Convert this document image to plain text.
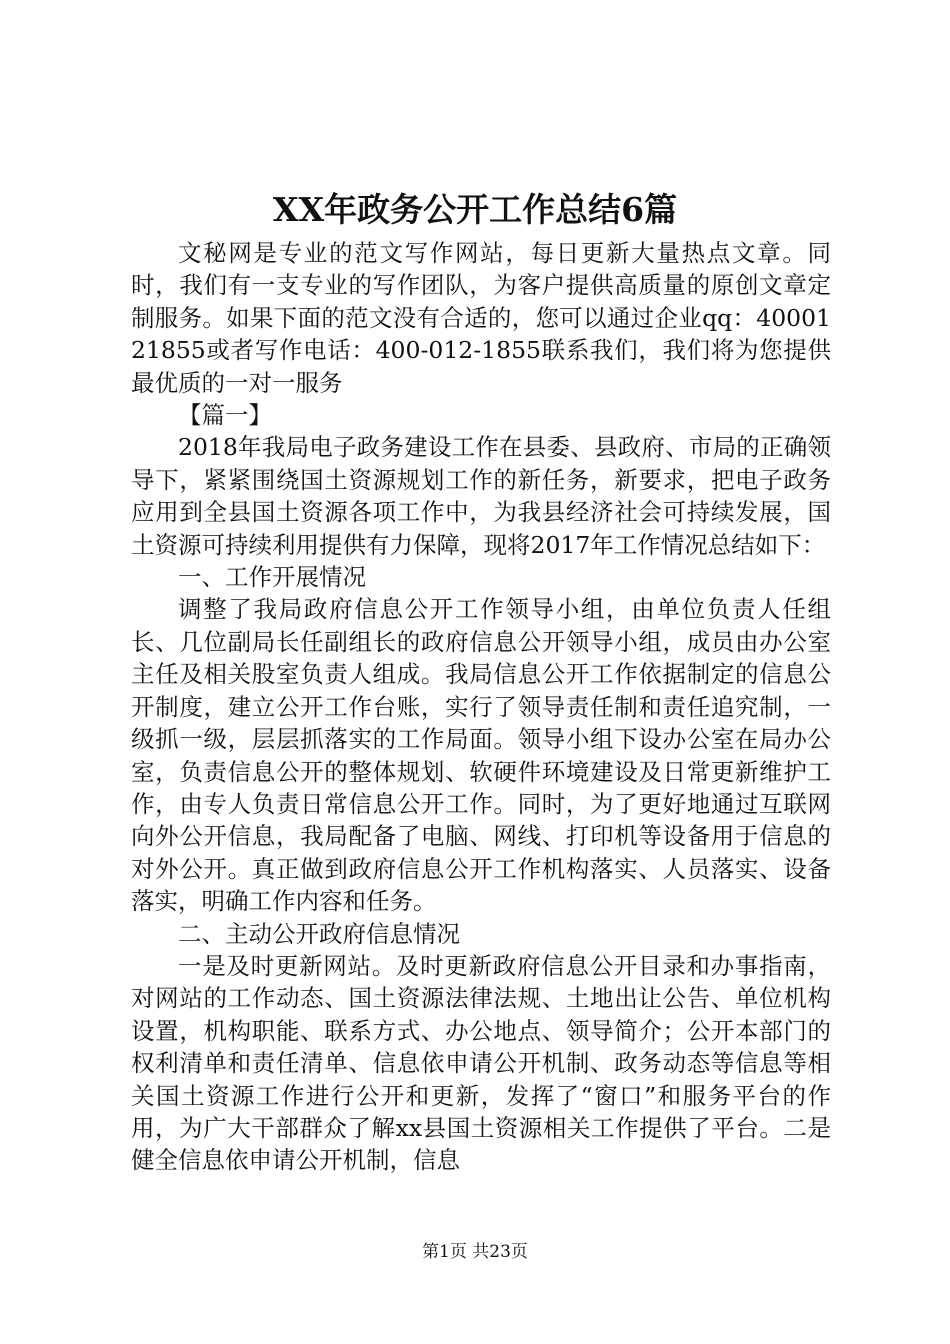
XX年政务公开工作总结6篇

文秘网是专业的范文写作网站，每日更新大量热点文章。同时，我们有一支专业的写作团队，为客户提供高质量的原创文章定制服务。如果下面的范文没有合适的，您可以通过企业qq：4000121855或者写作电话：400-012-1855联系我们，我们将为您提供最优质的一对一服务

【篇一】

2018年我局电子政务建设工作在县委、县政府、市局的正确领导下，紧紧围绕国土资源规划工作的新任务，新要求，把电子政务应用到全县国土资源各项工作中，为我县经济社会可持续发展，国土资源可持续利用提供有力保障，现将2017年工作情况总结如下：

一、工作开展情况

调整了我局政府信息公开工作领导小组，由单位负责人任组长、几位副局长任副组长的政府信息公开领导小组，成员由办公室主任及相关股室负责人组成。我局信息公开工作依据制定的信息公开制度，建立公开工作台账，实行了领导责任制和责任追究制，一级抓一级，层层抓落实的工作局面。领导小组下设办公室在局办公室，负责信息公开的整体规划、软硬件环境建设及日常更新维护工作，由专人负责日常信息公开工作。同时，为了更好地通过互联网向外公开信息，我局配备了电脑、网线、打印机等设备用于信息的对外公开。真正做到政府信息公开工作机构落实、人员落实、设备落实，明确工作内容和任务。

二、主动公开政府信息情况

一是及时更新网站。及时更新政府信息公开目录和办事指南，对网站的工作动态、国土资源法律法规、土地出让公告、单位机构设置，机构职能、联系方式、办公地点、领导简介；公开本部门的权利清单和责任清单、信息依申请公开机制、政务动态等信息等相关国土资源工作进行公开和更新，发挥了“窗口”和服务平台的作用，为广大干部群众了解xx县国土资源相关工作提供了平台。二是健全信息依申请公开机制，信息

第1页 共23页
